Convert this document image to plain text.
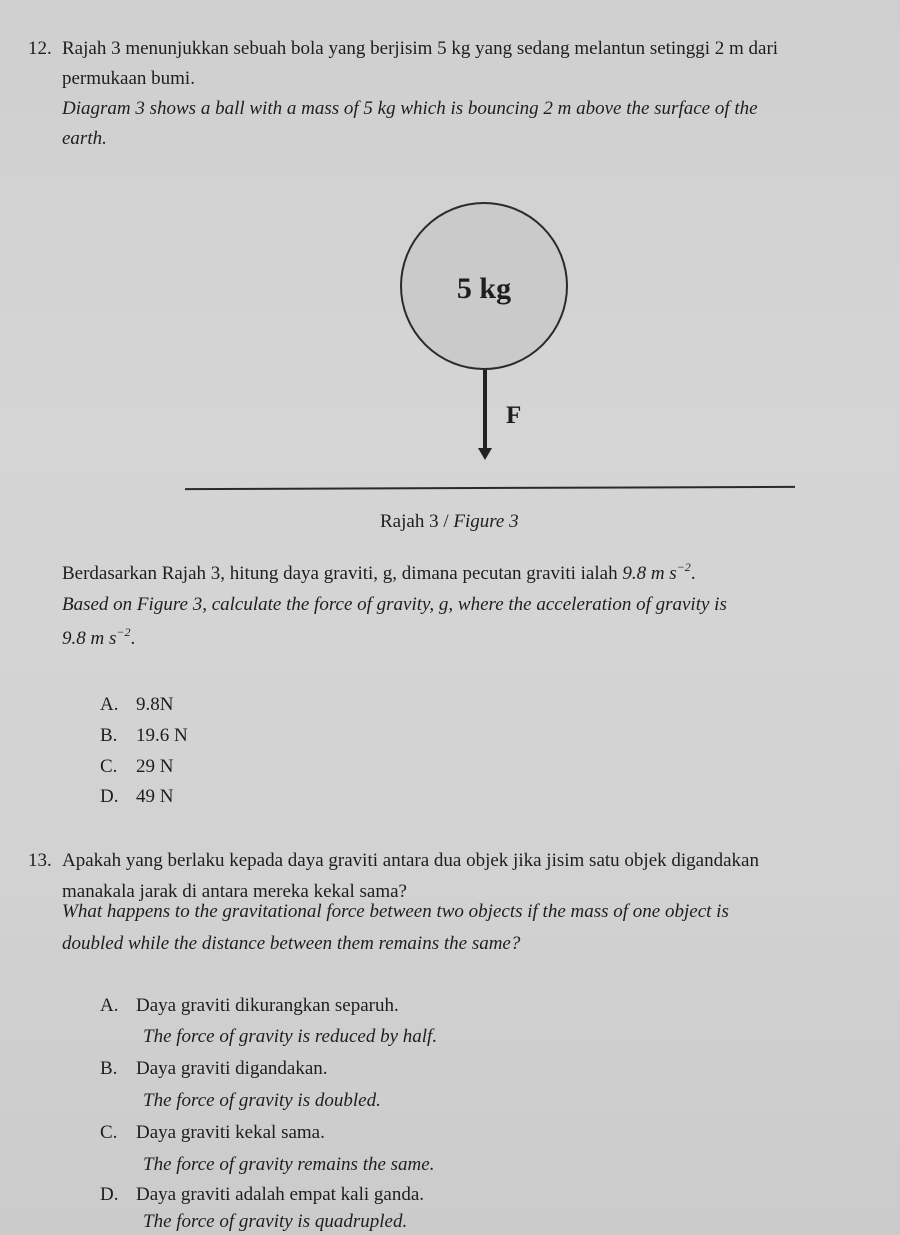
12. Rajah 3 menunjukkan sebuah bola yang berjisim 5 kg yang sedang melantun setinggi 2 m dari
permukaan bumi.
Diagram 3 shows a ball with a mass of 5 kg which is bouncing 2 m above the surface of the
earth.
5 kg
F
Rajah 3 / Figure 3
Berdasarkan Rajah 3, hitung daya graviti, g, dimana pecutan graviti ialah 9.8 m $s^{-2}$.
Based on Figure 3, calculate the force of gravity, g, where the acceleration of gravity is
9.8 m $s^{-2}$.
A. 9.8N
B. 19.6 N
C. 29 N
D. 49 N
13. Apakah yang berlaku kepada daya graviti antara dua objek jika jisim satu objek digandakan
manakala jarak di antara mereka kekal sama?
What happens to the gravitational force between two objects if the mass of one object is
doubled while the distance between them remains the same?
A. Daya graviti dikurangkan separuh.
The force of gravity is reduced by half.
B. Daya graviti digandakan.
The force of gravity is doubled.
C. Daya graviti kekal sama.
The force of gravity remains the same.
D. Daya graviti adalah empat kali ganda.
The force of gravity is quadrupled.
